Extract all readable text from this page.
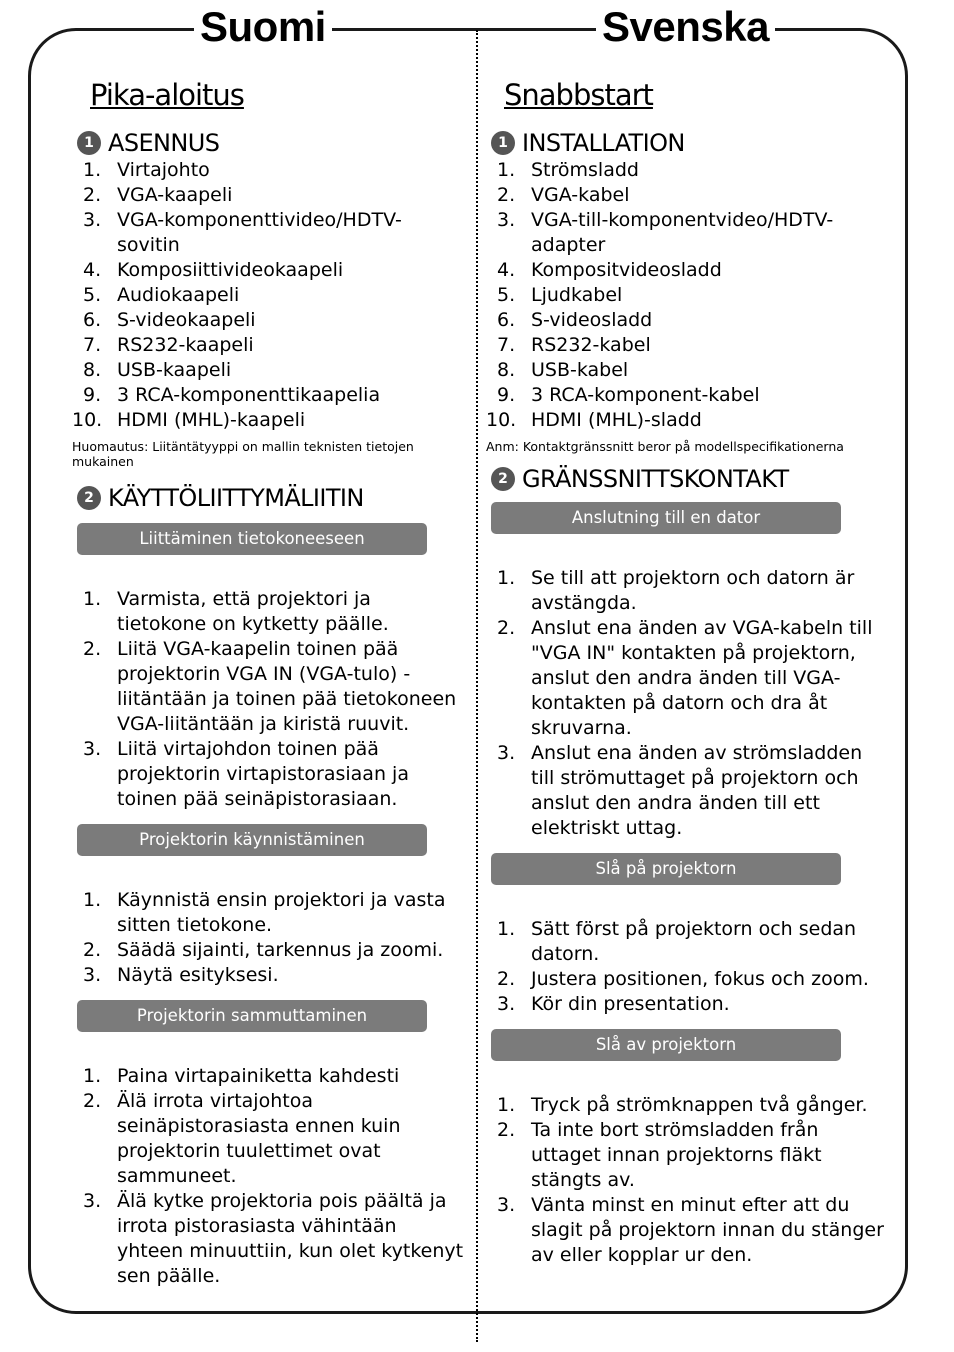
Suomi	Svenska
Pika-aloitus
1 ASENNUS
1. Virtajohto
2. VGA-kaapeli
3. VGA-komponenttivideo/HDTV-sovitin
4. Komposiittivideokaapeli
5. Audiokaapeli
6. S-videokaapeli
7. RS232-kaapeli
8. USB-kaapeli
9. 3 RCA-komponenttikaapelia
10. HDMI (MHL)-kaapeli

Huomautus: Liitäntätyyppi on mallin teknisten tietojen mukainen

2 KÄYTTÖLIITTYMÄLIITIN
Liittäminen tietokoneeseen
1. Varmista, että projektori ja tietokone on kytketty päälle.
2. Liitä VGA-kaapelin toinen pää projektorin VGA IN (VGA-tulo) -liitäntään ja toinen pää tietokoneen VGA-liitäntään ja kiristä ruuvit.
3. Liitä virtajohdon toinen pää projektorin virtapistorasiaan ja toinen pää seinäpistorasiaan.
Projektorin käynnistäminen
1. Käynnistä ensin projektori ja vasta sitten tietokone.
2. Säädä sijainti, tarkennus ja zoomi.
3. Näytä esityksesi.
Projektorin sammuttaminen
1. Paina virtapainiketta kahdesti
2. Älä irrota virtajohtoa seinäpistorasiasta ennen kuin projektorin tuulettimet ovat sammuneet.
3. Älä kytke projektoria pois päältä ja irrota pistorasiasta vähintään yhteen minuuttiin, kun olet kytkenyt sen päälle.
Snabbstart
1 INSTALLATION
1. Strömsladd
2. VGA-kabel
3. VGA-till-komponentvideo/HDTV-adapter
4. Kompositvideosladd
5. Ljudkabel
6. S-videosladd
7. RS232-kabel
8. USB-kabel
9. 3 RCA-komponent-kabel
10. HDMI (MHL)-sladd

Anm: Kontaktgränssnitt beror på modellspecifikationerna

2 GRÄNSSNITTSKONTAKT
Anslutning till en dator
1. Se till att projektorn och datorn är avstängda.
2. Anslut ena änden av VGA-kabeln till "VGA IN" kontakten på projektorn, anslut den andra änden till VGA-kontakten på datorn och dra åt skruvarna.
3. Anslut ena änden av strömsladden till strömuttaget på projektorn och anslut den andra änden till ett elektriskt uttag.
Slå på projektorn
1. Sätt först på projektorn och sedan datorn.
2. Justera positionen, fokus och zoom.
3. Kör din presentation.
Slå av projektorn
1. Tryck på strömknappen två gånger.
2. Ta inte bort strömsladden från uttaget innan projektorns fläkt stängts av.
3. Vänta minst en minut efter att du slagit på projektorn innan du stänger av eller kopplar ur den.
